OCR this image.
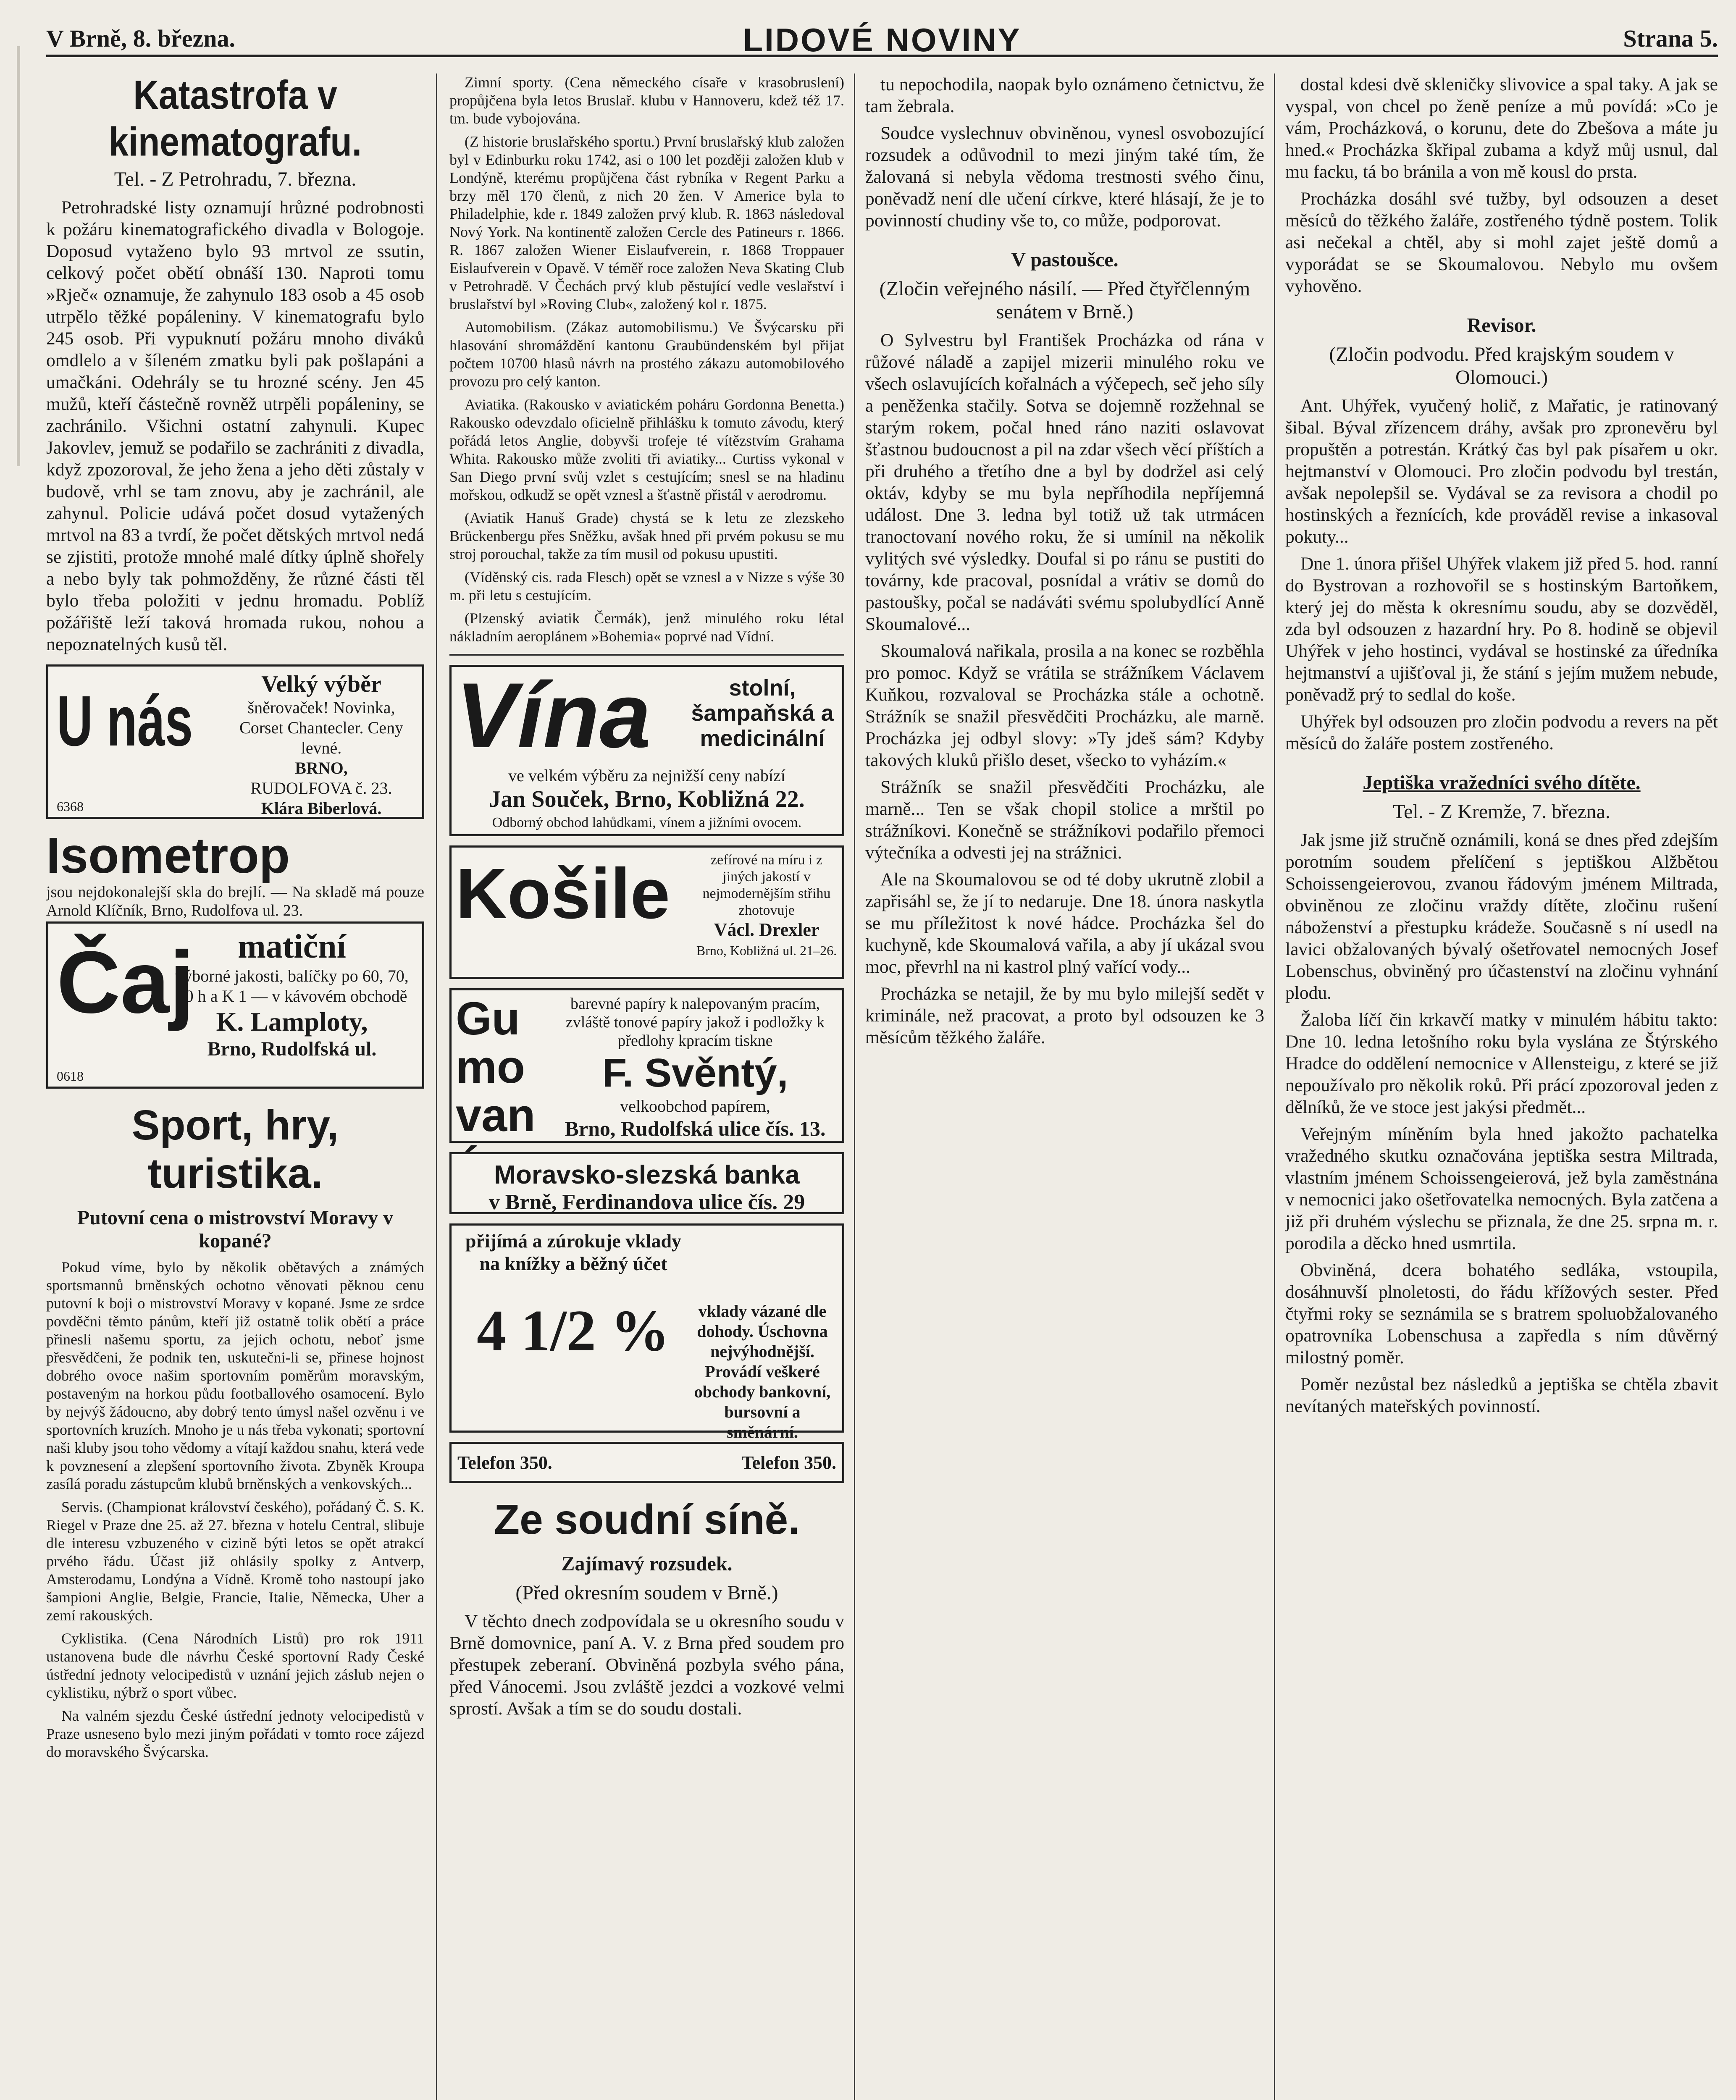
V Brně, 8. března.	LIDOVÉ NOVINY	Strana 5.
Katastrofa v kinematografu.
Tel. - Z Petrohradu, 7. března.

Petrohradské listy oznamují hrůzné podrobnosti k požáru kinematografického divadla v Bologoje. Doposud vytaženo bylo 93 mrtvol ze ssutin, celkový počet obětí obnáší 130. Naproti tomu »Rječ« oznamuje, že zahynulo 183 osob a 45 osob utrpělo těžké popáleniny. V kinematografu bylo 245 osob. Při vypuknutí požáru mnoho diváků omdlelo a v šíleném zmatku byli pak pošlapáni a umačkáni. Odehrály se tu hrozné scény. Jen 45 mužů, kteří částečně rovněž utrpěli popáleniny, se zachránilo. Všichni ostatní zahynuli. Kupec Jakovlev, jemuž se podařilo se zachrániti z divadla, když zpozoroval, že jeho žena a jeho děti zůstaly v budově, vrhl se tam znovu, aby je zachránil, ale zahynul. Policie udává počet dosud vytažených mrtvol na 83 a tvrdí, že počet dětských mrtvol nedá se zjistiti, protože mnohé malé dítky úplně shořely a nebo byly tak pohmožděny, že různé části těl bylo třeba položiti v jednu hromadu. Poblíž požářiště leží taková hromada rukou, nohou a nepoznatelných kusů těl.

U nás	Velký výběr
šněrovaček! Novinka, Corset Chantecler. Ceny levné.
BRNO,
RUDOLFOVA č. 23.
Klára Biberlová.
6368
Isometrop
jsou nejdokonalejší skla do brejlí. — Na skladě má pouze Arnold Klíčník, Brno, Rudolfova ul. 23.
Čaj	matiční
výborné jakosti, balíčky po 60, 70, 80 h a K 1 — v kávovém obchodě
K. Lamploty,
Brno, Rudolfská ul.
0618
Sport, hry, turistika.
Putovní cena o mistrovství Moravy v kopané?

Pokud víme, bylo by několik obětavých a známých sportsmannů brněnských ochotno věnovati pěknou cenu putovní k boji o mistrovství Moravy v kopané. Jsme ze srdce povděčni těmto pánům, kteří již ostatně tolik obětí a práce přinesli našemu sportu, za jejich ochotu, neboť jsme přesvědčeni, že podnik ten, uskutečni-li se, přinese hojnost dobrého ovoce našim sportovním poměrům moravským, postaveným na horkou půdu footballového osamocení. Bylo by nejvýš žádoucno, aby dobrý tento úmysl našel ozvěnu i ve sportovních kruzích. Mnoho je u nás třeba vykonati; sportovní naši kluby jsou toho vědomy a vítají každou snahu, která vede k povznesení a zlepšení sportovního života. Zbyněk Kroupa zasílá poradu zástupcům klubů brněnských a venkovských...

Servis. (Championat království českého), pořádaný Č. S. K. Riegel v Praze dne 25. až 27. března v hotelu Central, slibuje dle interesu vzbuzeného v cizině býti letos se opět atrakcí prvého řádu. Účast již ohlásily spolky z Antverp, Amsterodamu, Londýna a Vídně. Kromě toho nastoupí jako šampioni Anglie, Belgie, Francie, Italie, Německa, Uher a zemí rakouských.

Cyklistika. (Cena Národních Listů) pro rok 1911 ustanovena bude dle návrhu České sportovní Rady České ústřední jednoty velocipedistů v uznání jejich záslub nejen o cyklistiku, nýbrž o sport vůbec.

Na valném sjezdu České ústřední jednoty velocipedistů v Praze usneseno bylo mezi jiným pořádati v tomto roce zájezd do moravského Švýcarska.

Zimní sporty. (Cena německého císaře v krasobruslení) propůjčena byla letos Bruslař. klubu v Hannoveru, kdež též 17. tm. bude vybojována.

(Z historie bruslařského sportu.) První bruslařský klub založen byl v Edinburku roku 1742, asi o 100 let později založen klub v Londýně, kterému propůjčena část rybníka v Regent Parku a brzy měl 170 členů, z nich 20 žen. V Americe byla to Philadelphie, kde r. 1849 založen prvý klub. R. 1863 následoval Nový York. Na kontinentě založen Cercle des Patineurs r. 1866. R. 1867 založen Wiener Eislaufverein, r. 1868 Troppauer Eislaufverein v Opavě. V téměř roce založen Neva Skating Club v Petrohradě. V Čechách prvý klub pěstující vedle veslařství i bruslařství byl »Roving Club«, založený kol r. 1875.

Automobilism. (Zákaz automobilismu.) Ve Švýcarsku při hlasování shromáždění kantonu Graubündenském byl přijat počtem 10700 hlasů návrh na prostého zákazu automobilového provozu pro celý kanton.

Aviatika. (Rakousko v aviatickém poháru Gordonna Benetta.) Rakousko odevzdalo oficielně přihlášku k tomuto závodu, který pořádá letos Anglie, dobyvši trofeje té vítězstvím Grahama Whita. Rakousko může zvoliti tři aviatiky... Curtiss vykonal v San Diego první svůj vzlet s cestujícím; snesl se na hladinu mořskou, odkudž se opět vznesl a šťastně přistál v aerodromu.

(Aviatik Hanuš Grade) chystá se k letu ze zlezskeho Brückenbergu přes Sněžku, avšak hned při prvém pokusu se mu stroj porouchal, takže za tím musil od pokusu upustiti.

(Víděnský cis. rada Flesch) opět se vznesl a v Nizze s výše 30 m. při letu s cestujícím.

(Plzenský aviatik Čermák), jenž minulého roku létal nákladním aeroplánem »Bohemia« poprvé nad Vídní.

Vína	stolní, šampaňská a medicinální
ve velkém výběru za nejnižší ceny nabízí
Jan Souček, Brno, Kobližná 22.
Odborný obchod lahůdkami, vínem a jižními ovocem.
Košile	zefírové na míru i z jiných jakostí v nejmodernějším střihu zhotovuje
Václ. Drexler
Brno, Kobližná ul. 21–26.
Gumovan
barevné papíry k nalepovaným pracím, zvláště tonové papíry jakož i podložky k předlohy kpracím tiskne
F. Svěntý,
velkoobchod papírem,
Brno, Rudolfská ulice čís. 13.
Moravsko-slezská banka
v Brně, Ferdinandova ulice čís. 29
přijímá a zúrokuje vklady na knížky a běžný účet
4 1/2 %	vklady vázané dle dohody. Úschovna nejvýhodnější. Provádí veškeré obchody bankovní, bursovní a směnární.
Telefon 350.	Telefon 350.
Ze soudní síně.
Zajímavý rozsudek.
(Před okresním soudem v Brně.)

V těchto dnech zodpovídala se u okresního soudu v Brně domovnice, paní A. V. z Brna před soudem pro přestupek zeberaní. Obviněná pozbyla svého pána, před Vánocemi. Jsou zvláště jezdci a vozkové velmi sprostí. Avšak a tím se do soudu dostali.

tu nepochodila, naopak bylo oznámeno četnictvu, že tam žebrala.

Soudce vyslechnuv obviněnou, vynesl osvobozující rozsudek a odůvodnil to mezi jiným také tím, že žalovaná si nebyla vědoma trestnosti svého činu, poněvadž není dle učení církve, které hlásají, že je to povinností chudiny vše to, co může, podporovat.

V pastoušce.
(Zločin veřejného násilí. — Před čtyřčlenným senátem v Brně.)

O Sylvestru byl František Procházka od rána v růžové náladě a zapijel mizerii minulého roku ve všech oslavujících kořalnách a výčepech, seč jeho síly a peněženka stačily. Sotva se dojemně rozžehnal se starým rokem, počal hned ráno naziti oslavovat šťastnou budoucnost a pil na zdar všech věcí příštích a při druhého a třetího dne a byl by dodržel asi celý oktáv, kdyby se mu byla nepříhodila nepříjemná událost. Dne 3. ledna byl totiž už tak utrmácen tranoctovaní nového roku, že si umínil na několik vylitých své výsledky. Doufal si po ránu se pustiti do továrny, kde pracoval, posnídal a vrátiv se domů do pastoušky, počal se nadáváti svému spolubydlící Anně Skoumalové...

Skoumalová nařikala, prosila a na konec se rozběhla pro pomoc. Když se vrátila se strážníkem Václavem Kuňkou, rozvaloval se Procházka stále a ochotně. Strážník se snažil přesvědčiti Procházku, ale marně. Procházka jej odbyl slovy: »Ty jdeš sám? Kdyby takových kluků přišlo deset, všecko to vyházím.«

Strážník se snažil přesvědčiti Procházku, ale marně... Ten se však chopil stolice a mrštil po strážníkovi. Konečně se strážníkovi podařilo přemoci výtečníka a odvesti jej na strážnici.

Ale na Skoumalovou se od té doby ukrutně zlobil a zapřisáhl se, že jí to nedaruje. Dne 18. února naskytla se mu příležitost k nové hádce. Procházka šel do kuchyně, kde Skoumalová vařila, a aby jí ukázal svou moc, převrhl na ni kastrol plný vařící vody...

Procházka se netajil, že by mu bylo milejší sedět v kriminále, než pracovat, a proto byl odsouzen ke 3 měsícům těžkého žaláře.

dostal kdesi dvě skleničky slivovice a spal taky. A jak se vyspal, von chcel po ženě peníze a mů povídá: »Co je vám, Procházková, o korunu, dete do Zbešova a máte ju hned.« Procházka škřipal zubama a když můj usnul, dal mu facku, tá bo bránila a von mě kousl do prsta.

Procházka dosáhl své tužby, byl odsouzen a deset měsíců do těžkého žaláře, zostřeného týdně postem. Tolik asi nečekal a chtěl, aby si mohl zajet ještě domů a vyporádat se se Skoumalovou. Nebylo mu ovšem vyhověno.

Revisor.
(Zločin podvodu. Před krajským soudem v Olomouci.)

Ant. Uhýřek, vyučený holič, z Mařatic, je ratinovaný šibal. Býval zřízencem dráhy, avšak pro zpronevěru byl propuštěn a potrestán. Krátký čas byl pak písařem u okr. hejtmanství v Olomouci. Pro zločin podvodu byl trestán, avšak nepolepšil se. Vydával se za revisora a chodil po hostinských a řeznících, kde prováděl revise a inkasoval pokuty...

Dne 1. února přišel Uhýřek vlakem již před 5. hod. ranní do Bystrovan a rozhovořil se s hostinským Bartoňkem, který jej do města k okresnímu soudu, aby se dozvěděl, zda byl odsouzen z hazardní hry. Po 8. hodině se objevil Uhýřek v jeho hostinci, vydával se hostinské za úředníka hejtmanství a ujišťoval ji, že stání s jejím mužem nebude, poněvadž prý to sedlal do koše.

Uhýřek byl odsouzen pro zločin podvodu a revers na pět měsíců do žaláře postem zostřeného.

Jeptiška vražedníci svého dítěte.
Tel. - Z Kremže, 7. března.

Jak jsme již stručně oznámili, koná se dnes před zdejším porotním soudem přelíčení s jeptiškou Alžbětou Schoissengeierovou, zvanou řádovým jménem Miltrada, obviněnou ze zločinu vraždy dítěte, zločinu rušení náboženství a přestupku krádeže. Současně s ní usedl na lavici obžalovaných bývalý ošetřovatel nemocných Josef Lobenschus, obviněný pro účastenství na zločinu vyhnání plodu.

Žaloba líčí čin krkavčí matky v minulém hábitu takto: Dne 10. ledna letošního roku byla vyslána ze Štýrského Hradce do oddělení nemocnice v Allensteigu, z které se již nepoužívalo pro několik roků. Při prácí zpozoroval jeden z dělníků, že ve stoce jest jakýsi předmět...

Veřejným míněním byla hned jakožto pachatelka vražedného skutku označována jeptiška sestra Miltrada, vlastním jménem Schoissengeierová, jež byla zaměstnána v nemocnici jako ošetřovatelka nemocných. Byla zatčena a již při druhém výslechu se přiznala, že dne 25. srpna m. r. porodila a děcko hned usmrtila.

Obviněná, dcera bohatého sedláka, vstoupila, dosáhnuvší plnoletosti, do řádu křížových sester. Před čtyřmi roky se seznámila se s bratrem spoluobžalovaného opatrovníka Lobenschusa a zapředla s ním důvěrný milostný poměr.

Poměr nezůstal bez následků a jeptiška se chtěla zbavit nevítaných mateřských povinností.
